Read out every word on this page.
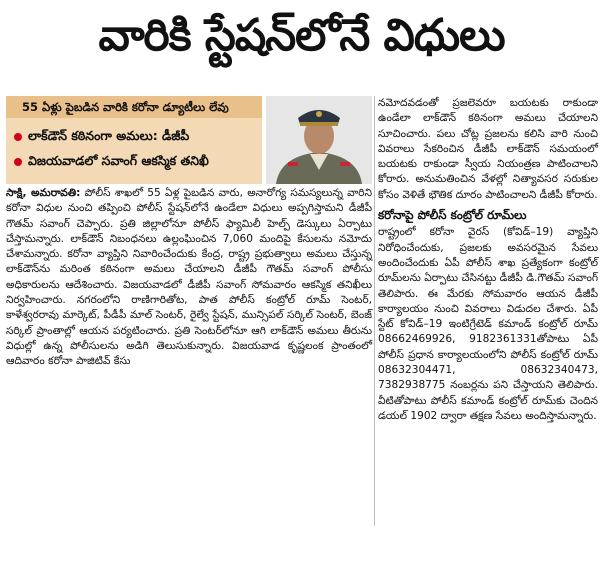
వారికి స్టేషన్‌లోనే విధులు
55 ఏళ్లు పైబడిన వారికి కరోనా డ్యూటీలు లేవు
లాక్‌డౌన్ కఠినంగా అమలు: డీజీపీ
విజయవాడలో సవాంగ్ ఆకస్మిక తనిఖీ

సాక్షి, అమరావతి: పోలీస్ శాఖలో 55 ఏళ్ల పైబడిన వారు, అనారోగ్య సమస్యలున్న వారిని కరోనా విధుల నుంచి తప్పించి పోలీస్ స్టేషన్‌లోనే ఉండేలా విధులు అప్పగిస్తామని డీజీపీ గౌతమ్ సవాంగ్ చెప్పారు. ప్రతి జిల్లాలోనూ పోలీస్ ఫ్యామిలీ హెల్ప్ డెస్కులు ఏర్పాటు చేస్తామన్నారు. లాక్‌డౌన్ నిబంధనలు ఉల్లంఘించిన 7,060 మందిపై కేసులను నమోదు చేశామన్నారు. కరోనా వ్యాప్తిని నివారించేందుకు కేంద్ర, రాష్ట్ర ప్రభుత్వాలు అమలు చేస్తున్న లాక్‌డౌన్‌ను మరింత కఠినంగా అమలు చేయాలని డీజీపీ గౌతమ్ సవాంగ్ పోలీసు అధికారులను ఆదేశించారు. విజయవాడలో డీజీపీ సవాంగ్ సోమవారం ఆకస్మిక తనిఖీలు నిర్వహించారు. నగరంలోని రాణిగారితోట, పాత పోలీస్ కంట్రోల్ రూమ్ సెంటర్, కాళేశ్వరరావు మార్కెట్, పీడీపీ మాల్ సెంటర్, రైల్వే స్టేషన్, మున్సిపల్ సర్కిల్ సెంటర్, బెంజ్ సర్కిల్ ప్రాంతాల్లో ఆయన పర్యటించారు. ప్రతి సెంటర్‌లోనూ ఆగి లాక్‌డౌన్ అమలు తీరును విధుల్లో ఉన్న పోలీసులను అడిగి తెలుసుకున్నారు. విజయవాడ కృష్ణలంక ప్రాంతంలో ఆదివారం కరోనా పాజిటివ్ కేసు

నమోదవడంతో ప్రజలెవరూ బయటకు రాకుండా ఉండేలా లాక్‌డౌన్ కఠినంగా అమలు చేయాలని సూచించారు. పలు చోట్ల ప్రజలను కలిసి వారి నుంచి వివరాలు సేకరించిన డీజీపీ లాక్‌డౌన్ సమయంలో బయటకు రాకుండా స్వీయ నియంత్రణ పాటించాలని కోరారు. అనుమతించిన వేళల్లో నిత్యావసర సరుకుల కోసం వెళితే భౌతిక దూరం పాటించాలని డీజీపీ కోరారు.

కరోనాపై పోలీస్ కంట్రోల్ రూమ్‌లు

రాష్ట్రంలో కరోనా వైరస్ (కోవిడ్–19) వ్యాప్తిని నిరోధించేందుకు, ప్రజలకు అవసరమైన సేవలు అందించేందుకు ఏపీ పోలీస్ శాఖ ప్రత్యేకంగా కంట్రోల్ రూమ్‌లను ఏర్పాటు చేసినట్టు డీజీపీ డి.గౌతమ్ సవాంగ్ తెలిపారు. ఈ మేరకు సోమవారం ఆయన డీజీపీ కార్యాలయం నుంచి వివరాలు విడుదల చేశారు. ఏపీ స్టేట్ కోవిడ్–19 ఇంటిగ్రేటెడ్ కమాండ్ కంట్రోల్ రూమ్ 08662469926, 9182361331తోపాటు ఏపీ పోలీస్ ప్రధాన కార్యాలయంలోని పోలీస్ కంట్రోల్ రూమ్ 08632304471, 08632340473, 7382938775 నంబర్లను పని చేస్తాయని తెలిపారు. వీటితోపాటు పోలీస్ కమాండ్ కంట్రోల్ రూమ్‌కు చెందిన డయల్ 1902 ద్వారా తక్షణ సేవలు అందిస్తామన్నారు.
